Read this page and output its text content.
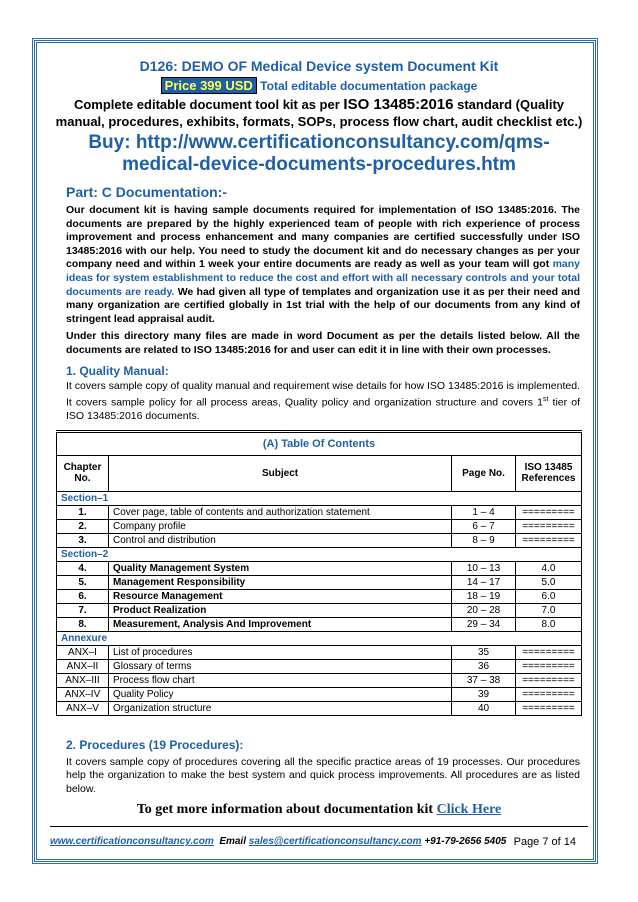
D126: DEMO OF Medical Device system Document Kit
Price 399 USD Total editable documentation package
Complete editable document tool kit as per ISO 13485:2016 standard (Quality manual, procedures, exhibits, formats, SOPs, process flow chart, audit checklist etc.)
Buy: http://www.certificationconsultancy.com/qms-medical-device-documents-procedures.htm
Part: C Documentation:-

Our document kit is having sample documents required for implementation of ISO 13485:2016. The documents are prepared by the highly experienced team of people with rich experience of process improvement and process enhancement and many companies are certified successfully under ISO 13485:2016 with our help. You need to study the document kit and do necessary changes as per your company need and within 1 week your entire documents are ready as well as your team will got many ideas for system establishment to reduce the cost and effort with all necessary controls and your total documents are ready. We had given all type of templates and organization use it as per their need and many organization are certified globally in 1st trial with the help of our documents from any kind of stringent lead appraisal audit.

Under this directory many files are made in word Document as per the details listed below. All the documents are related to ISO 13485:2016 for and user can edit it in line with their own processes.

1. Quality Manual:

It covers sample copy of quality manual and requirement wise details for how ISO 13485:2016 is implemented. It covers sample policy for all process areas, Quality policy and organization structure and covers 1st tier of ISO 13485:2016 documents.

(A) Table Of Contents			
Chapter No.	Subject	Page No.	ISO 13485 References
Section–1			
1.	Cover page, table of contents and authorization statement	1 – 4	=========
2.	Company profile	6 – 7	=========
3.	Control and distribution	8 – 9	=========
Section–2			
4.	Quality Management System	10 – 13	4.0
5.	Management Responsibility	14 – 17	5.0
6.	Resource Management	18 – 19	6.0
7.	Product Realization	20 – 28	7.0
8.	Measurement, Analysis And Improvement	29 – 34	8.0
Annexure			
ANX–I	List of procedures	35	=========
ANX–II	Glossary of terms	36	=========
ANX–III	Process flow chart	37 – 38	=========
ANX–IV	Quality Policy	39	=========
ANX–V	Organization structure	40	=========
2. Procedures (19 Procedures):

It covers sample copy of procedures covering all the specific practice areas of 19 processes. Our procedures help the organization to make the best system and quick process improvements. All procedures are as listed below.

To get more information about documentation kit Click Here
www.certificationconsultancy.com Email sales@certificationconsultancy.com +91-79-2656 5405 Page 7 of 14
